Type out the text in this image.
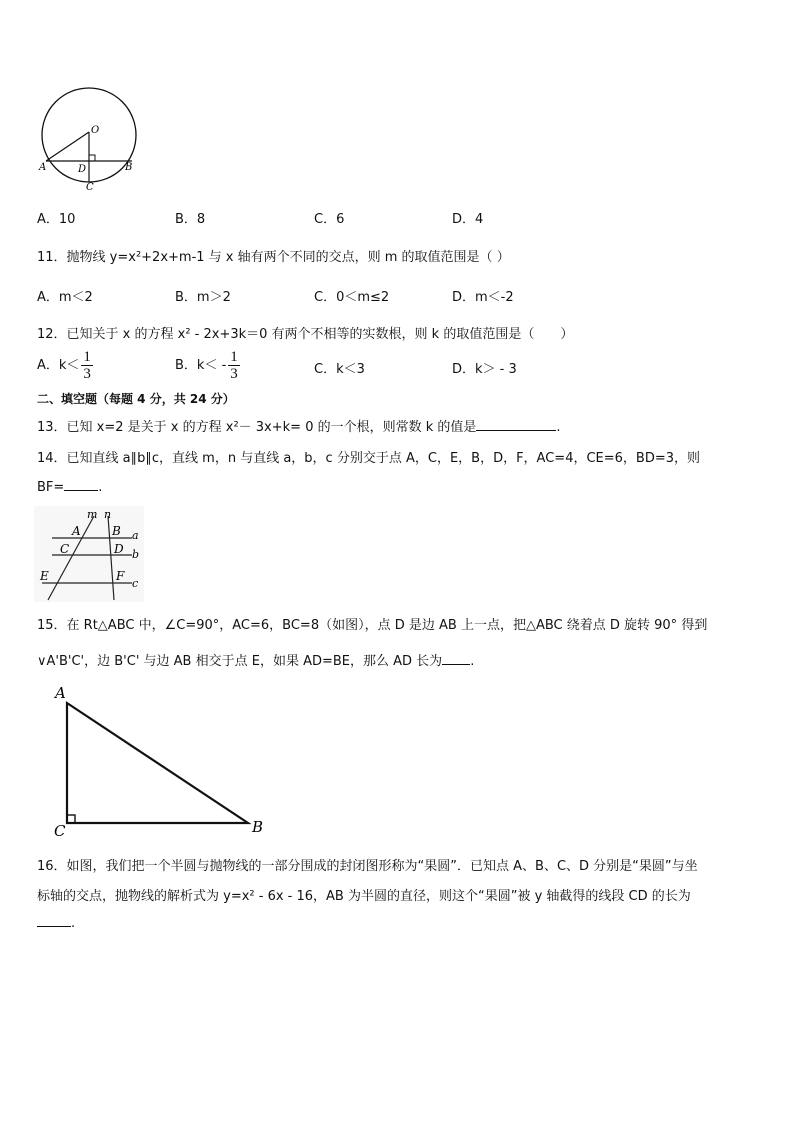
O
A	D	B
C
A．10	B．8	C．6	D．4
11．抛物线 y=x²+2x+m-1 与 x 轴有两个不同的交点，则 m 的取值范围是（ ）
A．m＜2	B．m＞2	C．0＜m≤2	D．m＜-2
12．已知关于 x 的方程 x² - 2x+3k＝0 有两个不相等的实数根，则 k 的取值范围是（　　）
A．$k< \frac{1}{3}$	B．$k< - \frac{1}{3}$	C．k＜3	D．k＞ - 3
二、填空题（每题 4 分，共 24 分）
13．已知 x=2 是关于 x 的方程 x²－ 3x+k= 0 的一个根，则常数 k 的值是	.
14．已知直线 a∥b∥c，直线 m，n 与直线 a，b，c 分别交于点 A，C，E，B，D，F，AC=4，CE=6，BD=3，则
BF=	.
m n
A	B a
C	D b
E	F
c
15．在 Rt△ABC 中，∠C=90°，AC=6，BC=8（如图），点 D 是边 AB 上一点，把△ABC 绕着点 D 旋转 90° 得到
∨A'B'C'，边 B'C' 与边 AB 相交于点 E，如果 AD=BE，那么 AD 长为 .
A
C	B
16．如图，我们把一个半圆与抛物线的一部分围成的封闭图形称为“果圆”．已知点 A、B、C、D 分别是“果圆”与坐
标轴的交点，抛物线的解析式为 y=x² - 6x - 16，AB 为半圆的直径，则这个“果圆”被 y 轴截得的线段 CD 的长为
.
